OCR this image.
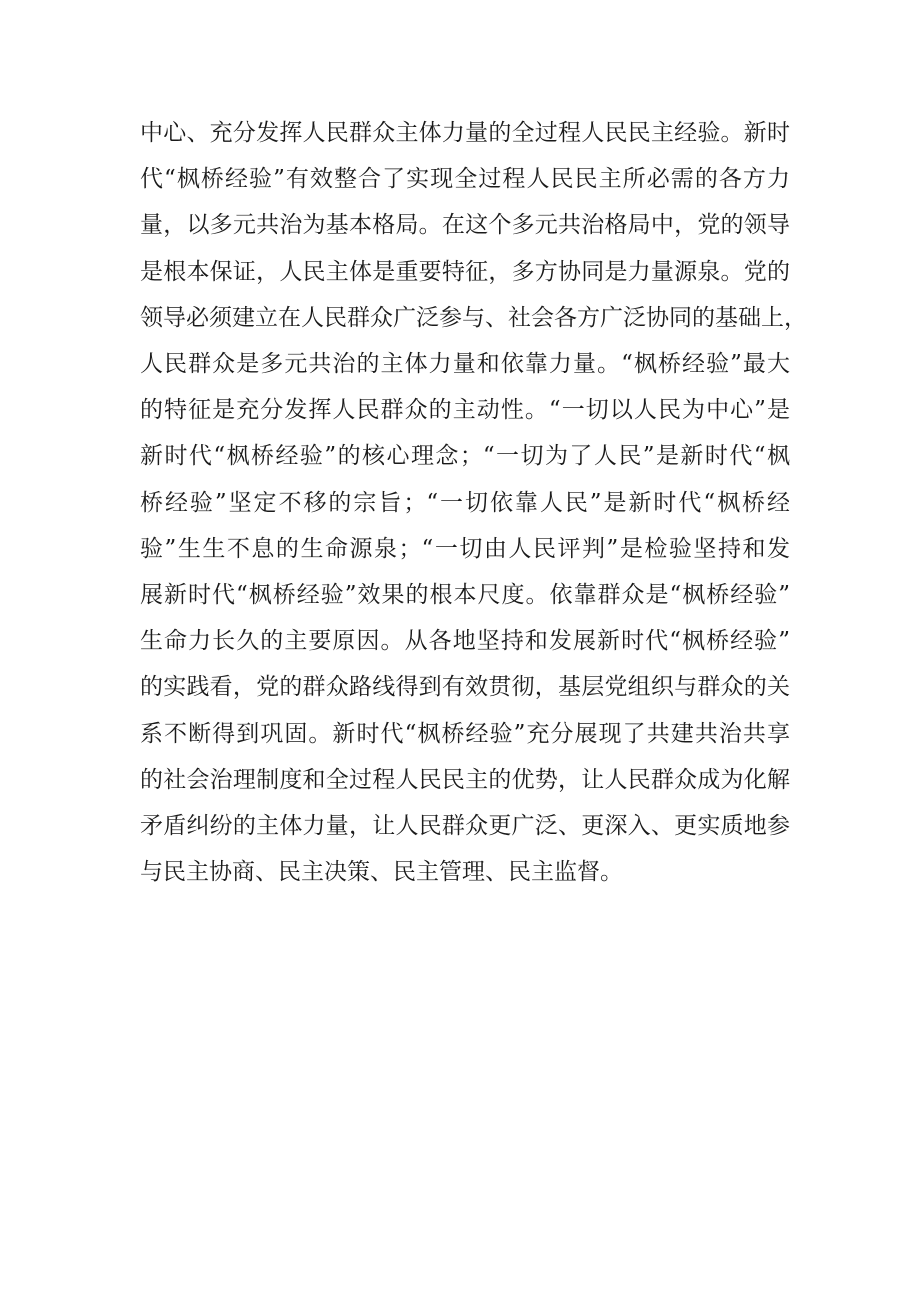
中心、充分发挥人民群众主体力量的全过程人民民主经验。新时
代“枫桥经验”有效整合了实现全过程人民民主所必需的各方力
量，以多元共治为基本格局。在这个多元共治格局中，党的领导
是根本保证，人民主体是重要特征，多方协同是力量源泉。党的
领导必须建立在人民群众广泛参与、社会各方广泛协同的基础上，
人民群众是多元共治的主体力量和依靠力量。“枫桥经验”最大
的特征是充分发挥人民群众的主动性。“一切以人民为中心”是
新时代“枫桥经验”的核心理念；“一切为了人民”是新时代“枫
桥经验”坚定不移的宗旨；“一切依靠人民”是新时代“枫桥经
验”生生不息的生命源泉；“一切由人民评判”是检验坚持和发
展新时代“枫桥经验”效果的根本尺度。依靠群众是“枫桥经验”
生命力长久的主要原因。从各地坚持和发展新时代“枫桥经验”
的实践看，党的群众路线得到有效贯彻，基层党组织与群众的关
系不断得到巩固。新时代“枫桥经验”充分展现了共建共治共享
的社会治理制度和全过程人民民主的优势，让人民群众成为化解
矛盾纠纷的主体力量，让人民群众更广泛、更深入、更实质地参
与民主协商、民主决策、民主管理、民主监督。
